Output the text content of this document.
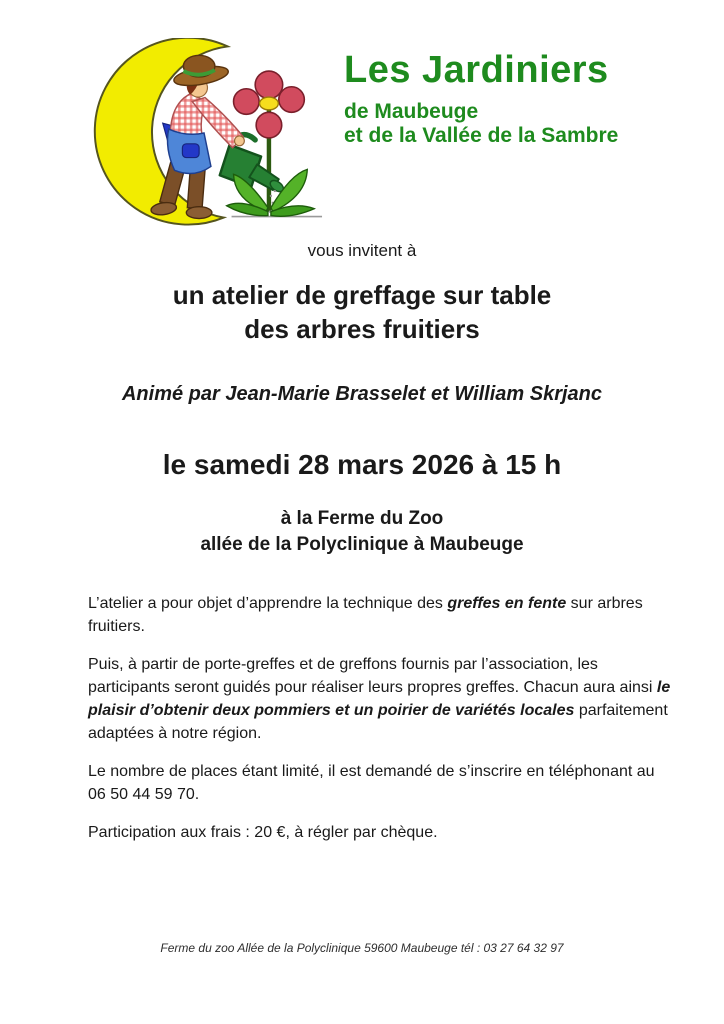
Les Jardiniers
de Maubeuge
et de la Vallée de la Sambre
vous invitent à
un atelier de greffage sur table
des arbres fruitiers
Animé par Jean-Marie Brasselet et William Skrjanc
le samedi 28 mars 2026 à 15 h
à la Ferme du Zoo
allée de la Polyclinique à Maubeuge

L’atelier a pour objet d’apprendre la technique des greffes en fente sur arbres fruitiers.

Puis, à partir de porte-greffes et de greffons fournis par l’association, les participants seront guidés pour réaliser leurs propres greffes. Chacun aura ainsi le plaisir d’obtenir deux pommiers et un poirier de variétés locales parfaitement adaptées à notre région.

Le nombre de places étant limité, il est demandé de s’inscrire en téléphonant au
06 50 44 59 70.

Participation aux frais : 20 €, à régler par chèque.

Ferme du zoo Allée de la Polyclinique 59600 Maubeuge tél : 03 27 64 32 97
